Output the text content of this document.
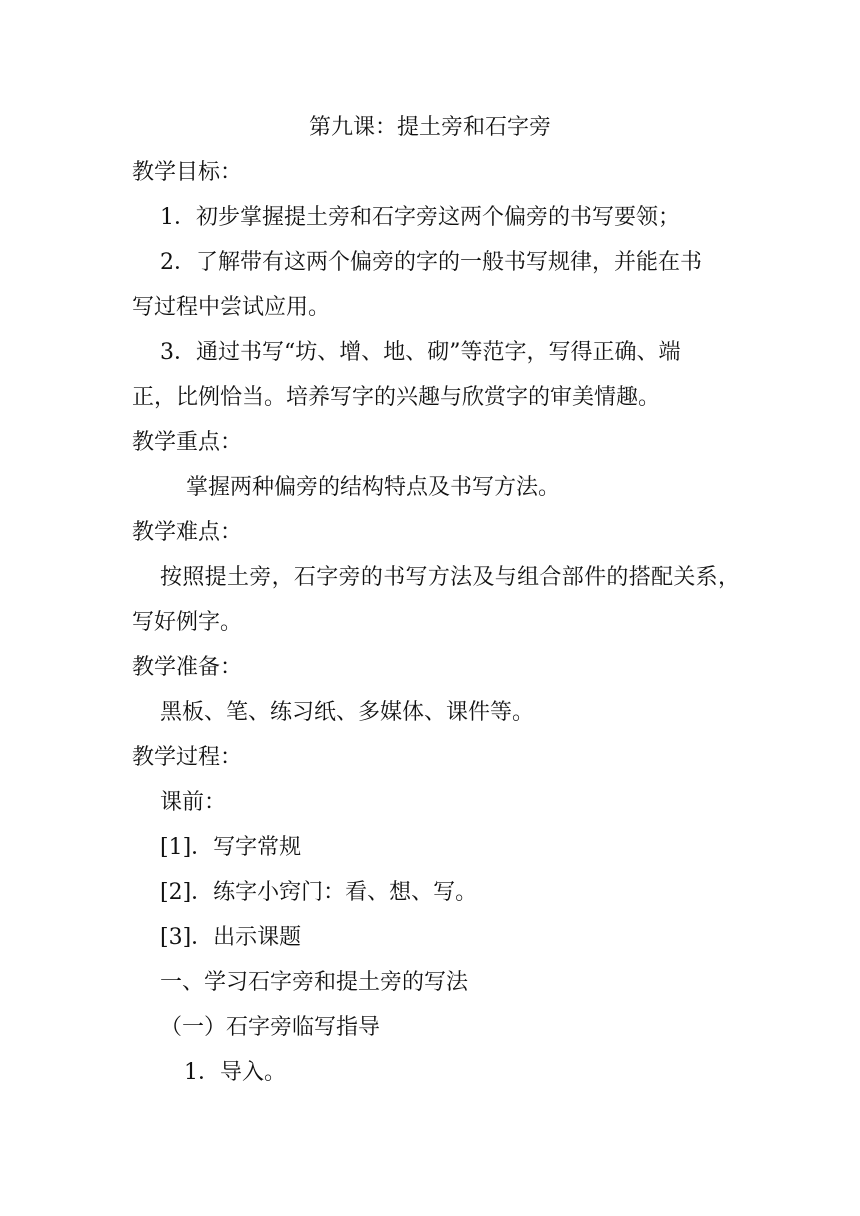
第九课：提土旁和石字旁
教学目标：
1．初步掌握提土旁和石字旁这两个偏旁的书写要领；
2．了解带有这两个偏旁的字的一般书写规律，并能在书
写过程中尝试应用。
3．通过书写“坊、增、地、砌”等范字，写得正确、端
正，比例恰当。培养写字的兴趣与欣赏字的审美情趣。
教学重点：
掌握两种偏旁的结构特点及书写方法。
教学难点：
按照提土旁，石字旁的书写方法及与组合部件的搭配关系，
写好例字。
教学准备：
黑板、笔、练习纸、多媒体、课件等。
教学过程：
课前：
[1]．写字常规
[2]．练字小窍门：看、想、写。
[3]．出示课题
一、学习石字旁和提土旁的写法
（一）石字旁临写指导
1．导入。
